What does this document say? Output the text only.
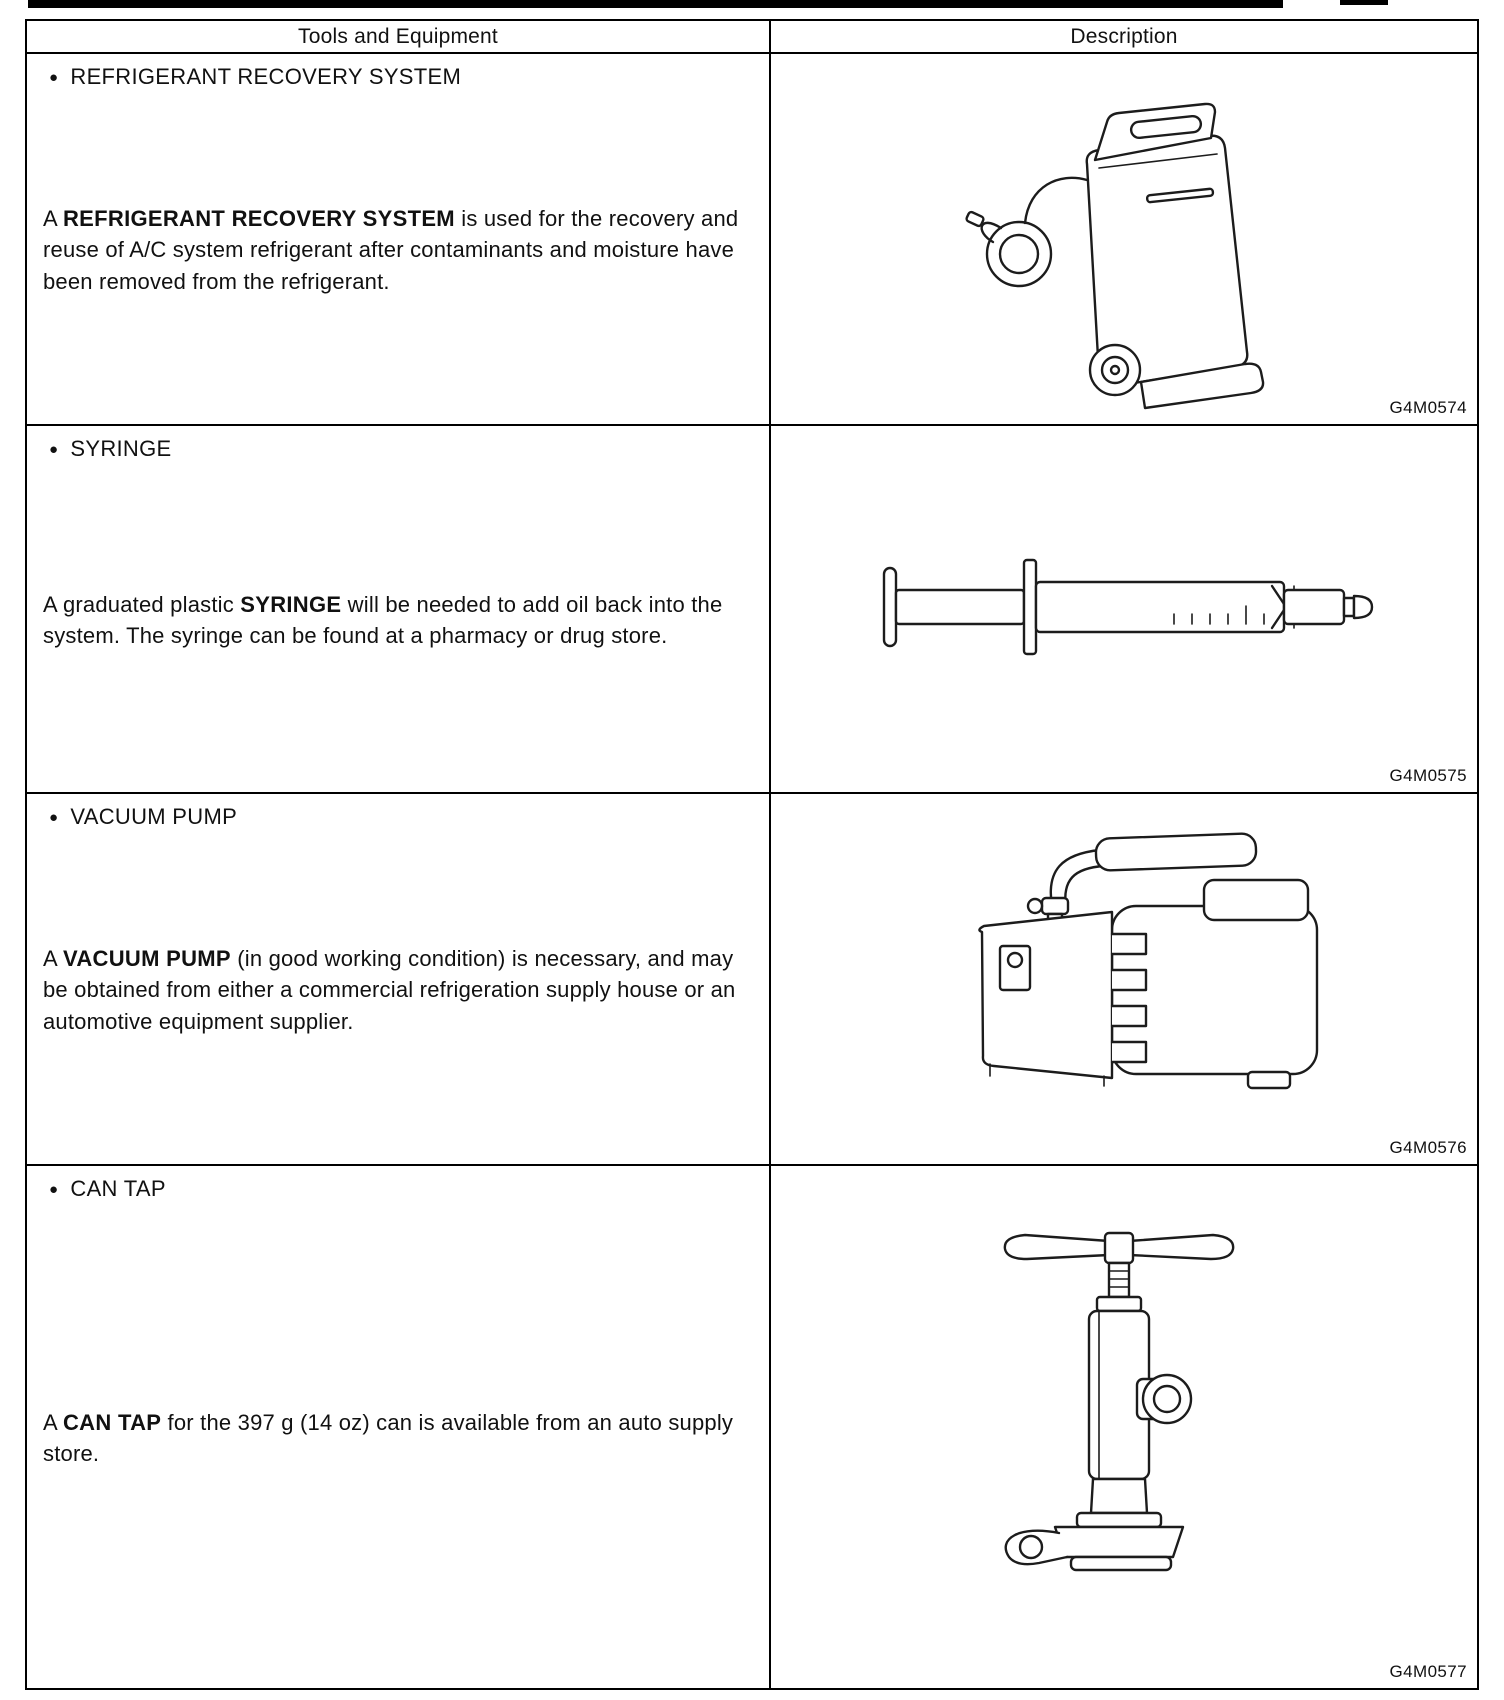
Tools and Equipment	Description
● REFRIGERANT RECOVERY SYSTEM

A REFRIGERANT RECOVERY SYSTEM is used for the recovery and reuse of A/C system refrigerant after contaminants and moisture have been removed from the refrigerant.

G4M0574
● SYRINGE

A graduated plastic SYRINGE will be needed to add oil back into the system. The syringe can be found at a pharmacy or drug store.

G4M0575
● VACUUM PUMP

A VACUUM PUMP (in good working condition) is necessary, and may be obtained from either a commercial refrigeration supply house or an automotive equipment supplier.

G4M0576
● CAN TAP

A CAN TAP for the 397 g (14 oz) can is available from an auto supply store.

G4M0577
